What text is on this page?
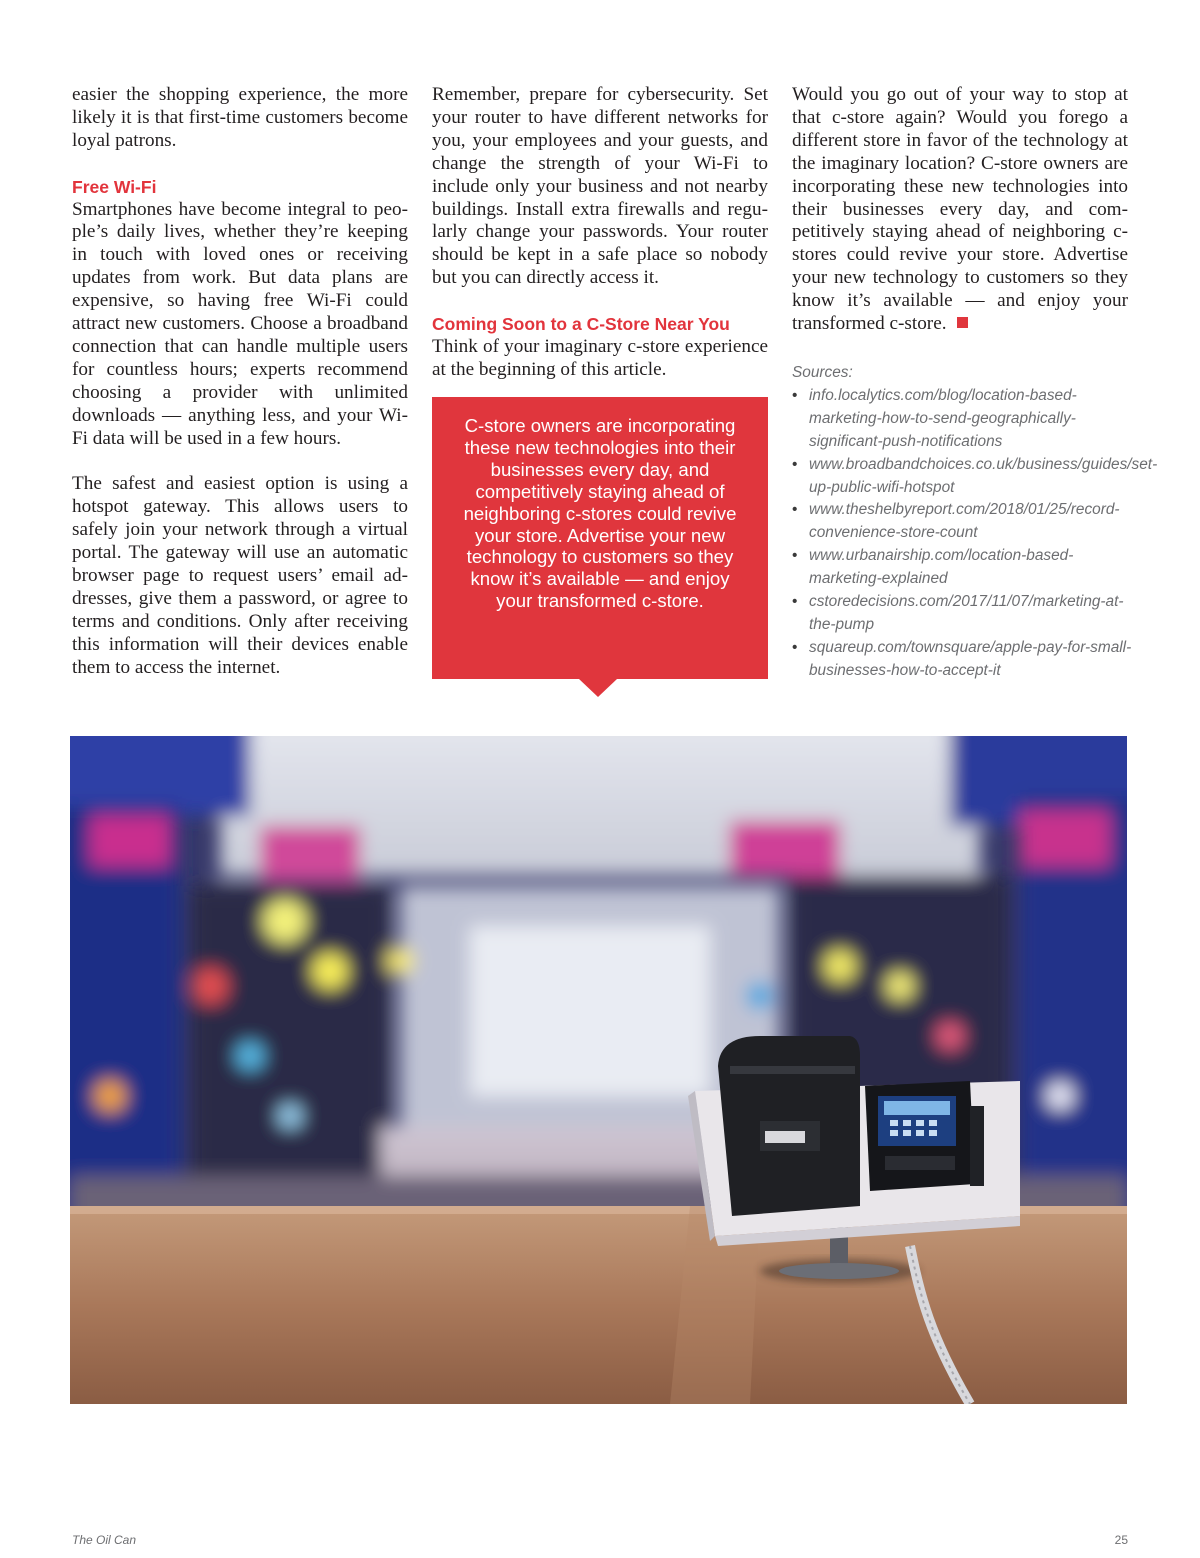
easier the shopping experience, the more likely it is that first-time customers become loyal patrons.

Free Wi-Fi

Smartphones have become integral to people’s daily lives, whether they’re keeping in touch with loved ones or receiving updates from work. But data plans are expensive, so having free Wi-Fi could attract new customers. Choose a broadband connection that can handle multiple users for countless hours; experts recommend choosing a provider with unlimited downloads — anything less, and your Wi-Fi data will be used in a few hours.

The safest and easiest option is using a hotspot gateway. This allows users to safely join your network through a virtual portal. The gateway will use an automatic browser page to request users’ email addresses, give them a password, or agree to terms and conditions. Only after receiving this information will their devices enable them to access the internet.

Remember, prepare for cybersecurity. Set your router to have different networks for you, your employees and your guests, and change the strength of your Wi-Fi to include only your business and not nearby buildings. Install extra firewalls and regularly change your passwords. Your router should be kept in a safe place so nobody but you can directly access it.

Coming Soon to a C-Store Near You

Think of your imaginary c-store experience at the beginning of this article.

C-store owners are incorporating these new technologies into their businesses every day, and competitively staying ahead of neighboring c-stores could revive your store. Advertise your new technology to customers so they know it’s available — and enjoy your transformed c-store.

Would you go out of your way to stop at that c-store again? Would you forego a different store in favor of the technology at the imaginary location? C-store owners are incorporating these new technologies into their businesses every day, and competitively staying ahead of neighboring c-stores could revive your store. Advertise your new technology to customers so they know it’s available — and enjoy your transformed c-store.

Sources:

• info.localytics.com/blog/location-based-marketing-how-to-send-geographically-significant-push-notifications
• www.broadbandchoices.co.uk/business/guides/set-up-public-wifi-hotspot
• www.theshelbyreport.com/2018/01/25/record-convenience-store-count
• www.urbanairship.com/location-based-marketing-explained
• cstoredecisions.com/2017/11/07/marketing-at-the-pump
• squareup.com/townsquare/apple-pay-for-small-businesses-how-to-accept-it
The Oil Can	25
